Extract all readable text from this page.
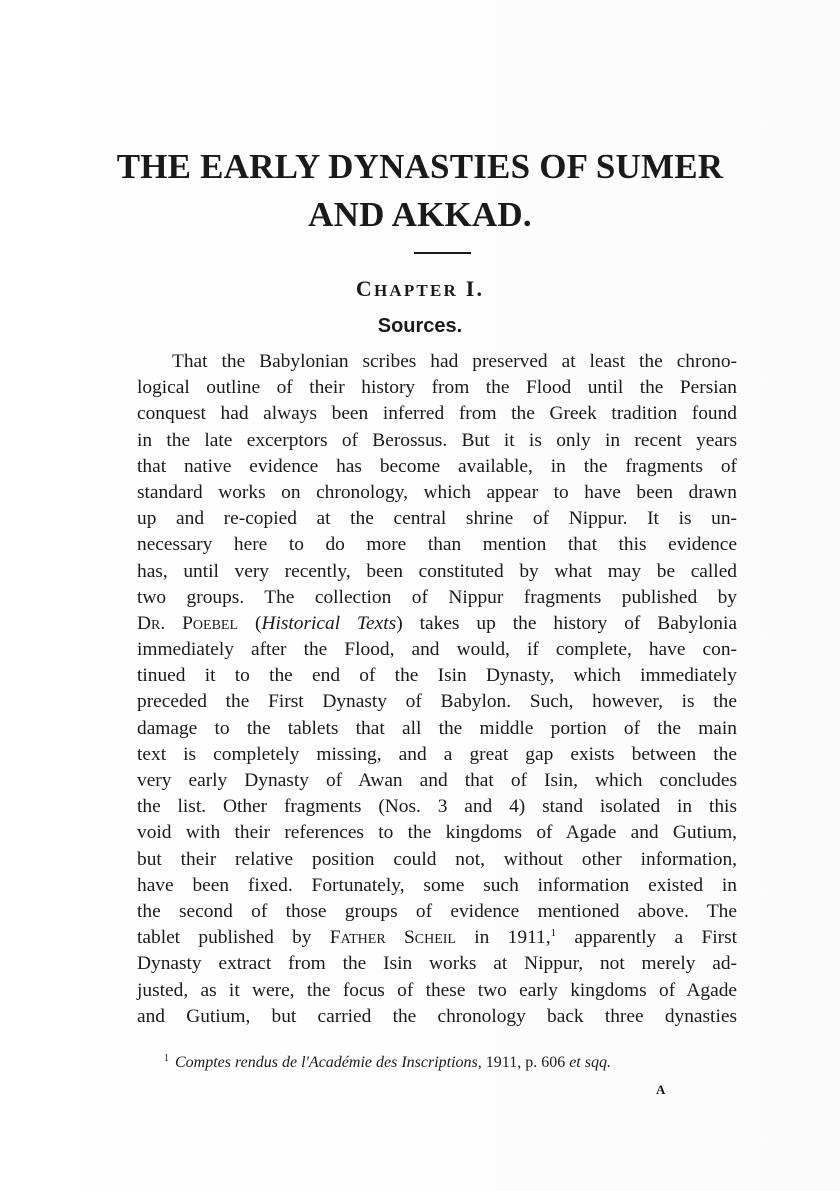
THE EARLY DYNASTIES OF SUMER
AND AKKAD.
CHAPTER I.
Sources.
That the Babylonian scribes had preserved at least the chrono-
logical outline of their history from the Flood until the Persian
conquest had always been inferred from the Greek tradition found
in the late excerptors of Berossus. But it is only in recent years
that native evidence has become available, in the fragments of
standard works on chronology, which appear to have been drawn
up and re-copied at the central shrine of Nippur. It is un-
necessary here to do more than mention that this evidence
has, until very recently, been constituted by what may be called
two groups. The collection of Nippur fragments published by
Dr. Poebel (Historical Texts) takes up the history of Babylonia
immediately after the Flood, and would, if complete, have con-
tinued it to the end of the Isin Dynasty, which immediately
preceded the First Dynasty of Babylon. Such, however, is the
damage to the tablets that all the middle portion of the main
text is completely missing, and a great gap exists between the
very early Dynasty of Awan and that of Isin, which concludes
the list. Other fragments (Nos. 3 and 4) stand isolated in this
void with their references to the kingdoms of Agade and Gutium,
but their relative position could not, without other information,
have been fixed. Fortunately, some such information existed in
the second of those groups of evidence mentioned above. The
tablet published by Father Scheil in 1911,$^1$ apparently a First
Dynasty extract from the Isin works at Nippur, not merely ad-
justed, as it were, the focus of these two early kingdoms of Agade
and Gutium, but carried the chronology back three dynasties
$^1$ Comptes rendus de l'Académie des Inscriptions, 1911, p. 606 et sqq.
A
